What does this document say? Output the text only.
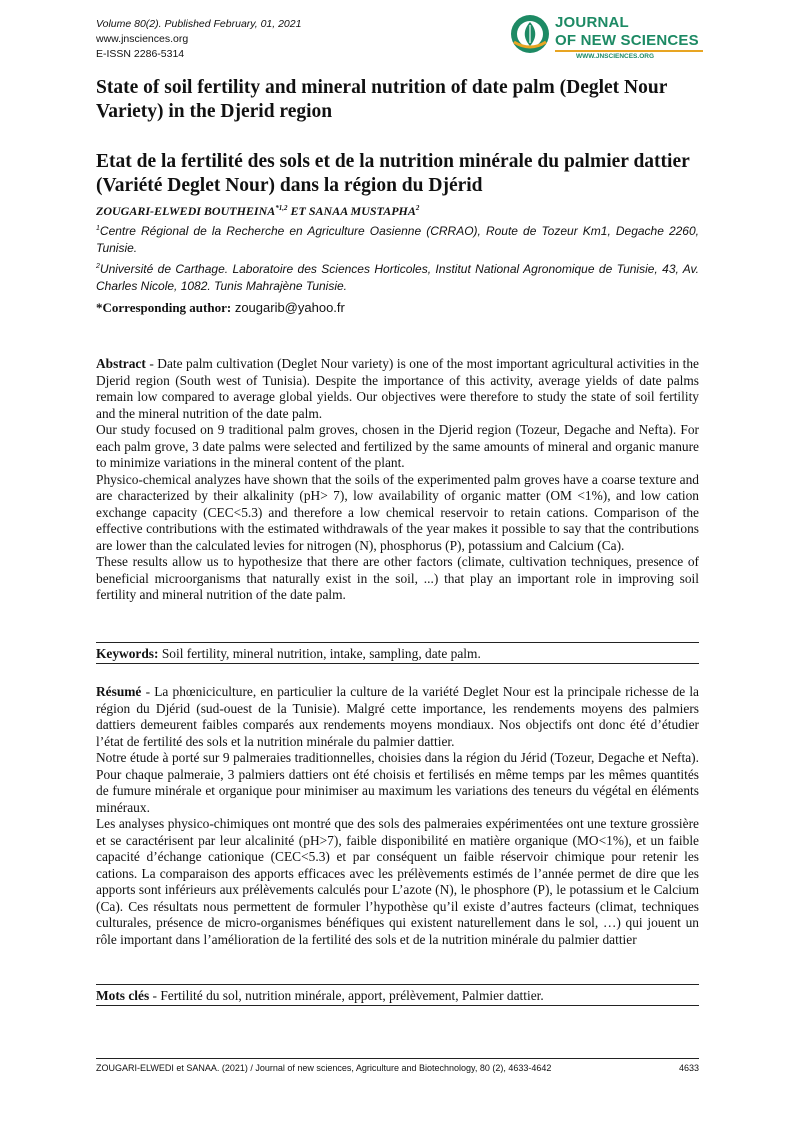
Volume 80(2). Published February, 01, 2021
www.jnsciences.org
E-ISSN 2286-5314
JOURNAL
OF NEW SCIENCES
WWW.JNSCIENCES.ORG
State of soil fertility and mineral nutrition of date palm (Deglet Nour Variety) in the Djerid region
Etat de la fertilité des sols et de la nutrition minérale du palmier dattier (Variété Deglet Nour) dans la région du Djérid
ZOUGARI-ELWEDI BOUTHEINA$^{*1,2}$ ET SANAA MUSTAPHA$^2$
$^1$Centre Régional de la Recherche en Agriculture Oasienne (CRRAO), Route de Tozeur Km1, Degache 2260, Tunisie.
$^2$Université de Carthage. Laboratoire des Sciences Horticoles, Institut National Agronomique de Tunisie, 43, Av. Charles Nicole, 1082. Tunis Mahrajène Tunisie.
*Corresponding author: zougarib@yahoo.fr

Abstract - Date palm cultivation (Deglet Nour variety) is one of the most important agricultural activities in the Djerid region (South west of Tunisia). Despite the importance of this activity, average yields of date palms remain low compared to average global yields. Our objectives were therefore to study the state of soil fertility and the mineral nutrition of the date palm.

Our study focused on 9 traditional palm groves, chosen in the Djerid region (Tozeur, Degache and Nefta). For each palm grove, 3 date palms were selected and fertilized by the same amounts of mineral and organic manure to minimize variations in the mineral content of the plant.

Physico-chemical analyzes have shown that the soils of the experimented palm groves have a coarse texture and are characterized by their alkalinity (pH> 7), low availability of organic matter (OM <1%), and low cation exchange capacity (CEC<5.3) and therefore a low chemical reservoir to retain cations. Comparison of the effective contributions with the estimated withdrawals of the year makes it possible to say that the contributions are lower than the calculated levies for nitrogen (N), phosphorus (P), potassium and Calcium (Ca).

These results allow us to hypothesize that there are other factors (climate, cultivation techniques, presence of beneficial microorganisms that naturally exist in the soil, ...) that play an important role in improving soil fertility and mineral nutrition of the date palm.

Keywords: Soil fertility, mineral nutrition, intake, sampling, date palm.

Résumé - La phœniciculture, en particulier la culture de la variété Deglet Nour est la principale richesse de la région du Djérid (sud-ouest de la Tunisie). Malgré cette importance, les rendements moyens des palmiers dattiers demeurent faibles comparés aux rendements moyens mondiaux. Nos objectifs ont donc été d’étudier l’état de fertilité des sols et la nutrition minérale du palmier dattier.

Notre étude à porté sur 9 palmeraies traditionnelles, choisies dans la région du Jérid (Tozeur, Degache et Nefta). Pour chaque palmeraie, 3 palmiers dattiers ont été choisis et fertilisés en même temps par les mêmes quantités de fumure minérale et organique pour minimiser au maximum les variations des teneurs du végétal en éléments minéraux.

Les analyses physico-chimiques ont montré que des sols des palmeraies expérimentées ont une texture grossière et se caractérisent par leur alcalinité (pH>7), faible disponibilité en matière organique (MO<1%), et un faible capacité d’échange cationique (CEC<5.3) et par conséquent un faible réservoir chimique pour retenir les cations. La comparaison des apports efficaces avec les prélèvements estimés de l’année permet de dire que les apports sont inférieurs aux prélèvements calculés pour L’azote (N), le phosphore (P), le potassium et le Calcium (Ca). Ces résultats nous permettent de formuler l’hypothèse qu’il existe d’autres facteurs (climat, techniques culturales, présence de micro-organismes bénéfiques qui existent naturellement dans le sol, …) qui jouent un rôle important dans l’amélioration de la fertilité des sols et de la nutrition minérale du palmier dattier

Mots clés - Fertilité du sol, nutrition minérale, apport, prélèvement, Palmier dattier.
ZOUGARI-ELWEDI et SANAA. (2021) / Journal of new sciences, Agriculture and Biotechnology, 80 (2), 4633-4642	4633
